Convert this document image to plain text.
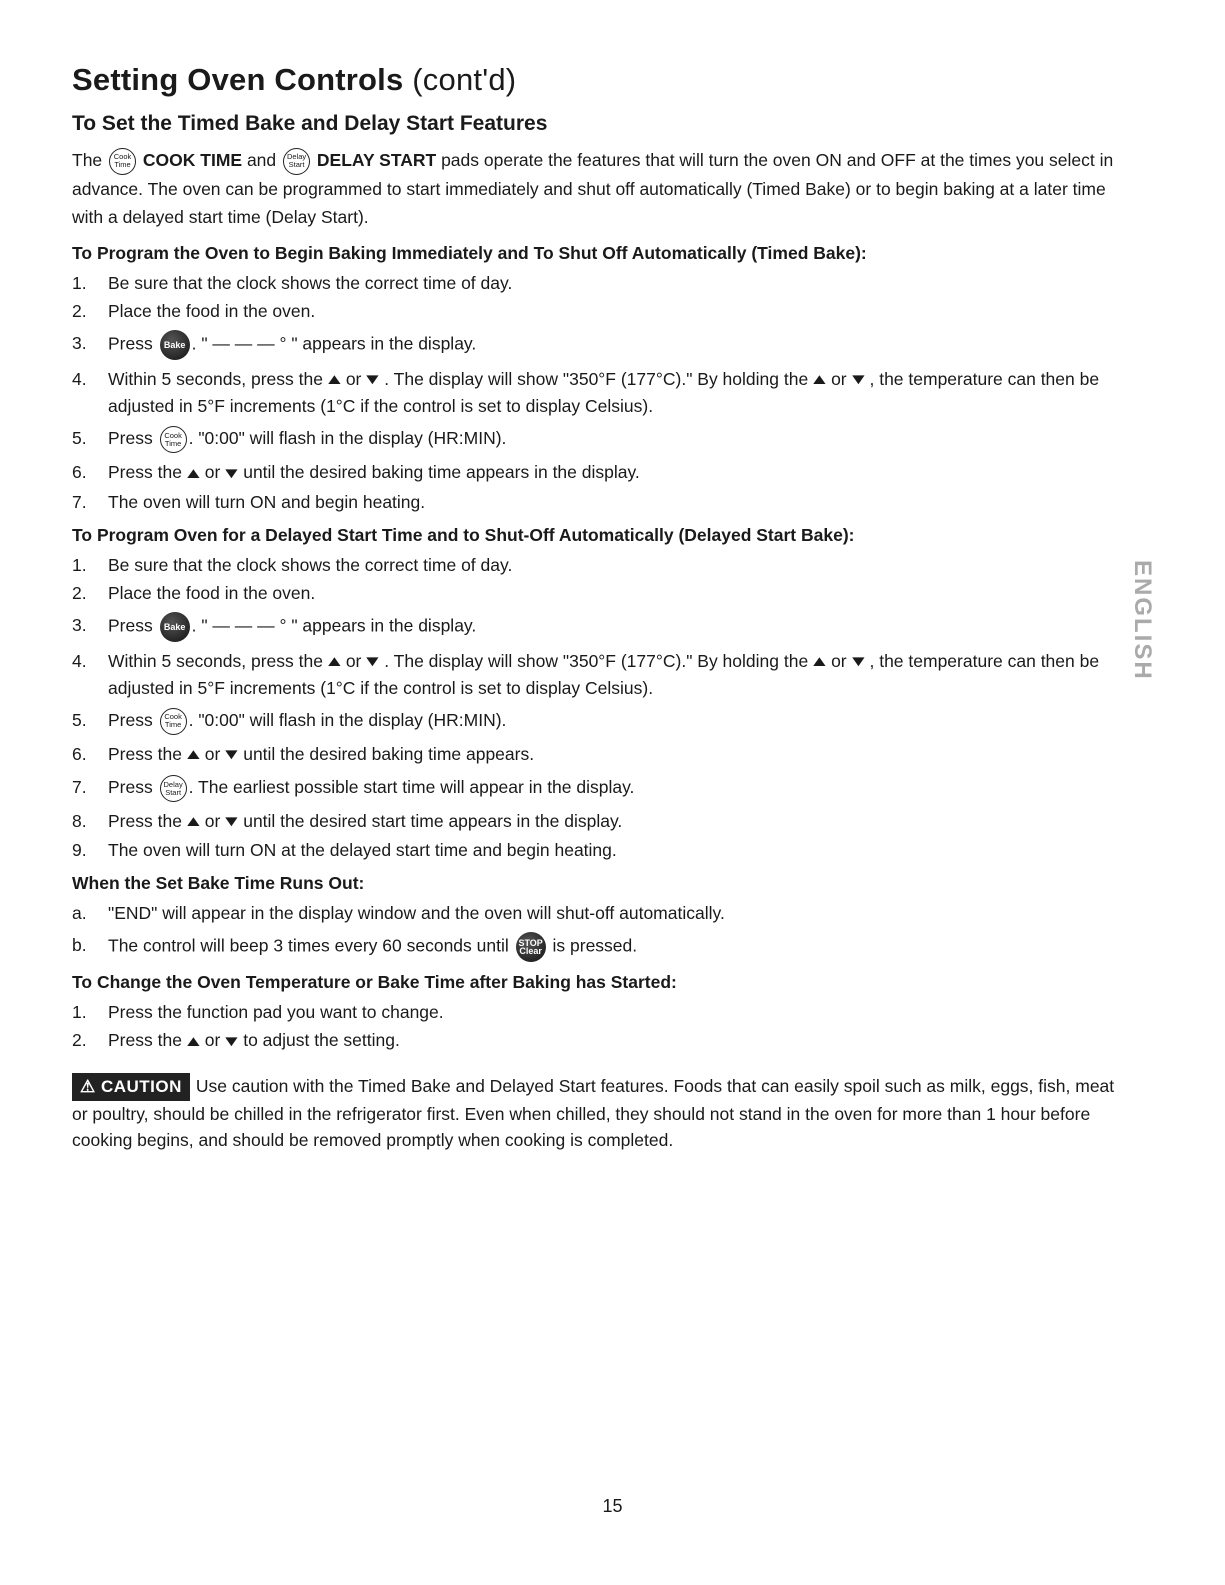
Setting Oven Controls (cont'd)
To Set the Timed Bake and Delay Start Features

The Cook Time COOK TIME and Delay Start DELAY START pads operate the features that will turn the oven ON and OFF at the times you select in advance. The oven can be programmed to start immediately and shut off automatically (Timed Bake) or to begin baking at a later time with a delayed start time (Delay Start).

To Program the Oven to Begin Baking Immediately and To Shut Off Automatically (Timed Bake):
1.	Be sure that the clock shows the correct time of day.
2.	Place the food in the oven.
3.	Press Bake . " — — — ° " appears in the display.
4.	Within 5 seconds, press the▲or▼. The display will show "350°F (177°C)." By holding the▲or▼, the temperature can then be adjusted in 5°F increments (1°C if the control is set to display Celsius).
5.	Press Cook Time . "0:00" will flash in the display (HR:MIN).
6.	Press the▲or▼until the desired baking time appears in the display.
7.	The oven will turn ON and begin heating.
To Program Oven for a Delayed Start Time and to Shut-Off Automatically (Delayed Start Bake):
1.	Be sure that the clock shows the correct time of day.
2.	Place the food in the oven.
3.	Press Bake . " — — — ° " appears in the display.
4.	Within 5 seconds, press the▲or▼. The display will show "350°F (177°C)." By holding the▲or▼, the temperature can then be adjusted in 5°F increments (1°C if the control is set to display Celsius).
5.	Press Cook Time . "0:00" will flash in the display (HR:MIN).
6.	Press the▲or▼until the desired baking time appears.
7.	Press Delay Start . The earliest possible start time will appear in the display.
8.	Press the▲or▼until the desired start time appears in the display.
9.	The oven will turn ON at the delayed start time and begin heating.
When the Set Bake Time Runs Out:
a.	"END" will appear in the display window and the oven will shut-off automatically.
b.	The control will beep 3 times every 60 seconds until STOP Clear is pressed.
To Change the Oven Temperature or Bake Time after Baking has Started:
1.	Press the function pad you want to change.
2.	Press the▲or▼to adjust the setting.
⚠ CAUTION Use caution with the Timed Bake and Delayed Start features. Foods that can easily spoil such as milk, eggs, fish, meat or poultry, should be chilled in the refrigerator first. Even when chilled, they should not stand in the oven for more than 1 hour before cooking begins, and should be removed promptly when cooking is completed.
ENGLISH
15
